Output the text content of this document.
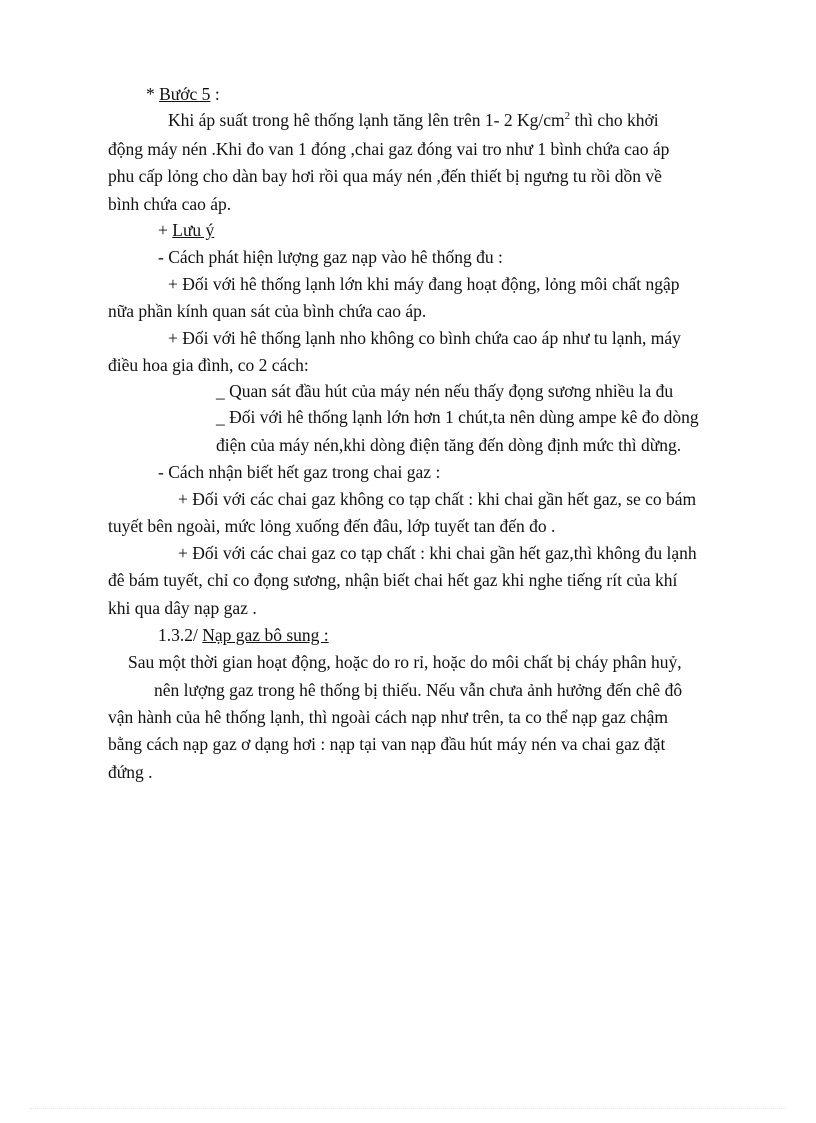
* Bước 5 :
Khi áp suất trong hê thống lạnh tăng lên trên 1- 2 $Kg/cm^2$ thì cho khởi
động máy nén .Khi đo van 1 đóng ,chai gaz đóng vai tro như 1 bình chứa cao áp
phu cấp lỏng cho dàn bay hơi rồi qua máy nén ,đến thiết bị ngưng tu rồi dồn về
bình chứa cao áp.
+ Lưu ý
- Cách phát hiện lượng gaz nạp vào hê thống đu :
+ Đối với hê thống lạnh lớn khi máy đang hoạt động, lỏng môi chất ngập
nữa phần kính quan sát của bình chứa cao áp.
+ Đối với hê thống lạnh nho không co bình chứa cao áp như tu lạnh, máy
điều hoa gia đình, co 2 cách:
_ Quan sát đầu hút của máy nén nếu thấy đọng sương nhiều la đu
_ Đối với hê thống lạnh lớn hơn 1 chút,ta nên dùng ampe kê đo dòng
điện của máy nén,khi dòng điện tăng đến dòng định mức thì dừng.
- Cách nhận biết hết gaz trong chai gaz :
+ Đối với các chai gaz không co tạp chất : khi chai gần hết gaz, se co bám
tuyết bên ngoài, mức lỏng xuống đến đâu, lớp tuyết tan đến đo .
+ Đối với các chai gaz co tạp chất : khi chai gần hết gaz,thì không đu lạnh
đê bám tuyết, chỉ co đọng sương, nhận biết chai hết gaz khi nghe tiếng rít của khí
khi qua dây nạp gaz .
1.3.2/ Nạp gaz bô sung :
Sau một thời gian hoạt động, hoặc do ro rỉ, hoặc do môi chất bị cháy phân huỷ,
nên lượng gaz trong hê thống bị thiếu. Nếu vẫn chưa ảnh hưởng đến chê đô
vận hành của hê thống lạnh, thì ngoài cách nạp như trên, ta co thể nạp gaz chậm
bằng cách nạp gaz ơ dạng hơi : nạp tại van nạp đầu hút máy nén va chai gaz đặt
đứng .
